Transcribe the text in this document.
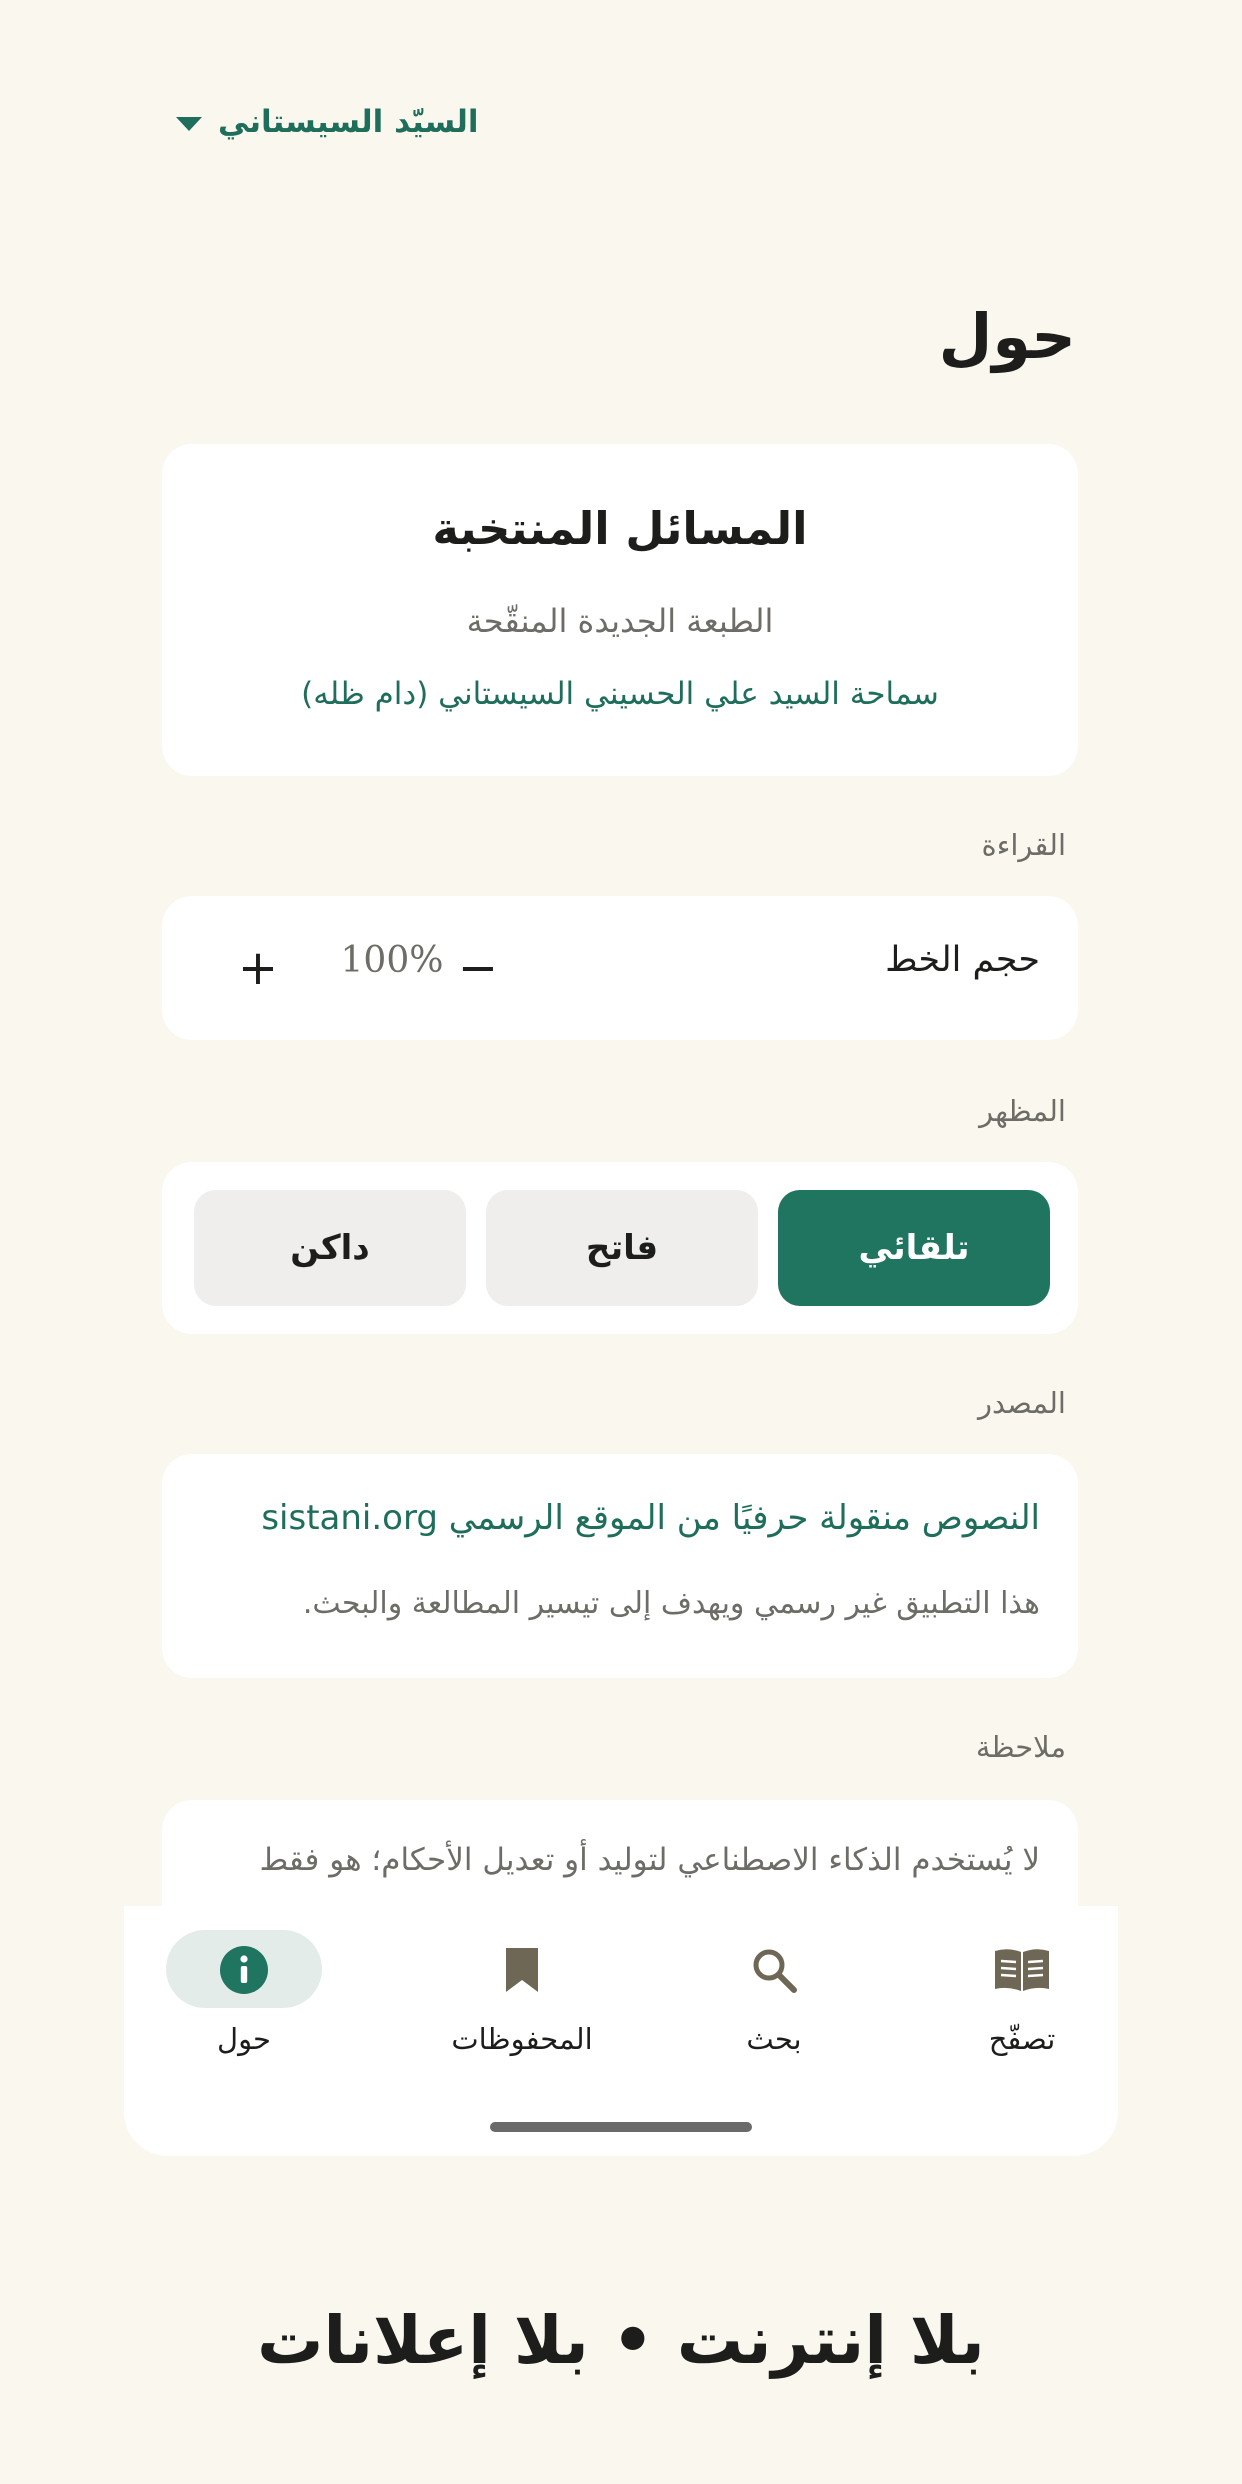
السيّد السيستاني
حول
المسائل المنتخبة
الطبعة الجديدة المنقّحة
سماحة السيد علي الحسيني السيستاني (دام ظله)
القراءة
حجم الخط
−
100%
+
المظهر
تلقائي
فاتح
داكن
المصدر
النصوص منقولة حرفيًا من الموقع الرسمي sistani.org
هذا التطبيق غير رسمي ويهدف إلى تيسير المطالعة والبحث.
ملاحظة
لا يُستخدم الذكاء الاصطناعي لتوليد أو تعديل الأحكام؛ هو فقط
تصفّح
بحث
المحفوظات
حول
بلا إنترنت • بلا إعلانات
